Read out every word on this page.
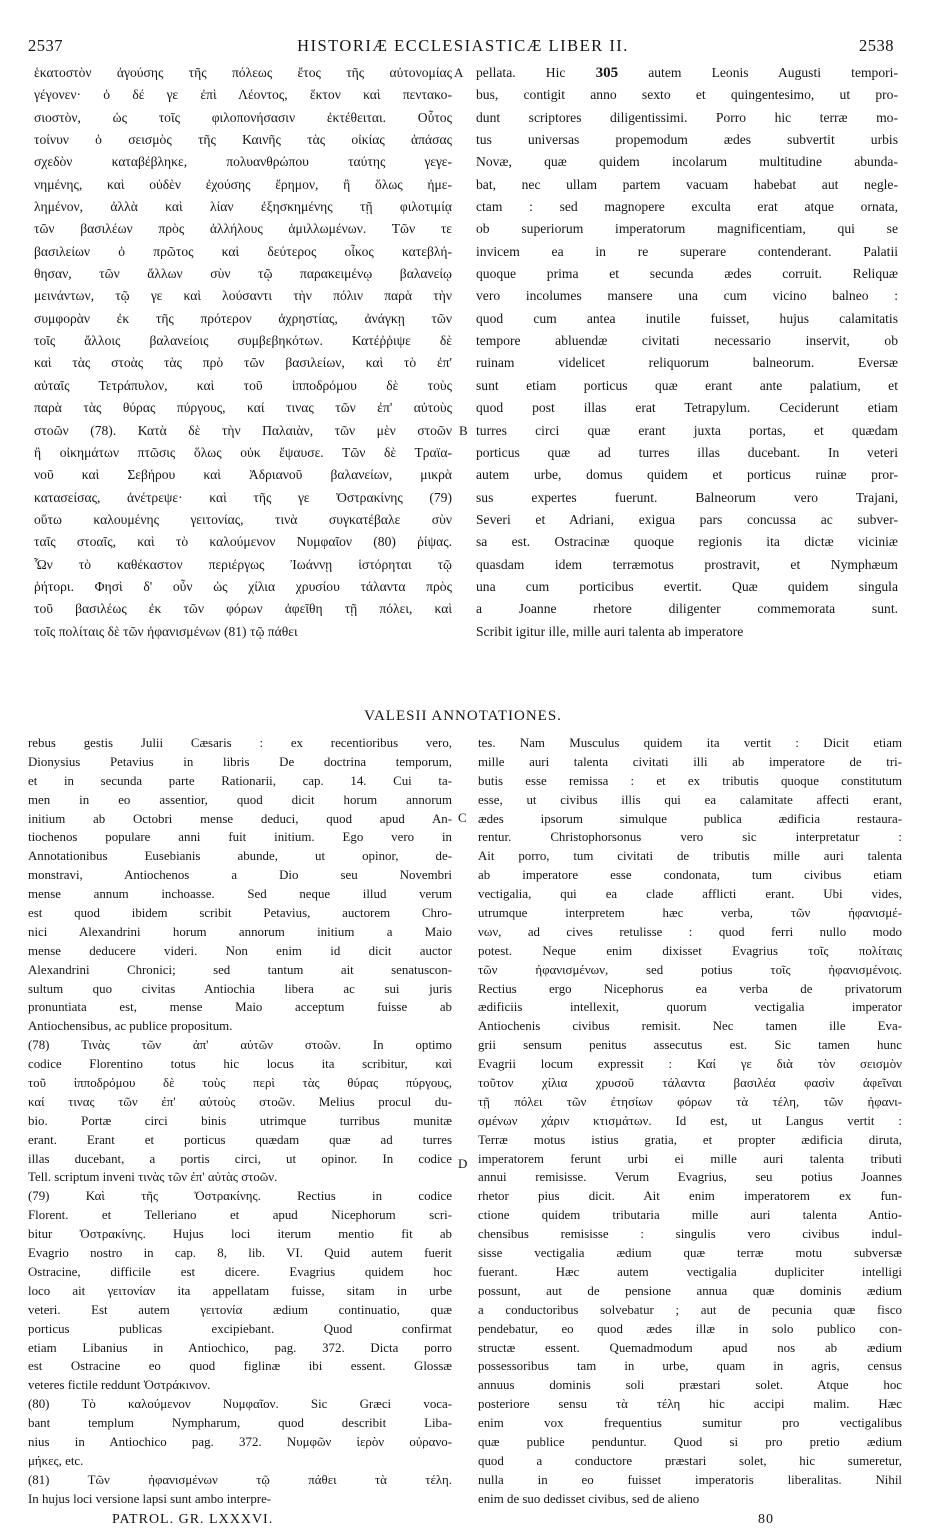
2537	HISTORIÆ ECCLESIASTICÆ LIBER II.	2538
ἑκατοστὸν ἀγούσης τῆς πόλεως ἔτος τῆς αὐτονομίας
γέγονεν· ὁ δέ γε ἐπὶ Λέοντος, ἕκτον καὶ πεντακο-
σιοστὸν, ὡς τοῖς φιλοπονήσασιν ἐκτέθειται. Οὗτος
τοίνυν ὁ σεισμὸς τῆς Καινῆς τὰς οἰκίας ἁπάσας
σχεδὸν καταβέβληκε, πολυανθρώπου ταύτης γεγε-
νημένης, καὶ οὐδὲν ἐχούσης ἔρημον, ἢ ὅλως ἠμε-
λημένον, ἀλλὰ καὶ λίαν ἐξησκημένης τῇ φιλοτιμίᾳ
τῶν βασιλέων πρὸς ἀλλήλους ἁμιλλωμένων. Τῶν τε
βασιλείων ὁ πρῶτος καὶ δεύτερος οἶκος κατεβλή-
θησαν, τῶν ἄλλων σὺν τῷ παρακειμένῳ βαλανείῳ
μεινάντων, τῷ γε καὶ λούσαντι τὴν πόλιν παρὰ τὴν
συμφορὰν ἐκ τῆς πρότερον ἀχρηστίας, ἀνάγκῃ τῶν
τοῖς ἄλλοις βαλανείοις συμβεβηκότων. Κατέῤῥιψε δὲ
καὶ τὰς στοὰς τὰς πρὸ τῶν βασιλείων, καὶ τὸ ἐπ'
αὐταῖς Τετράπυλον, καὶ τοῦ ἱπποδρόμου δὲ τοὺς
παρὰ τὰς θύρας πύργους, καί τινας τῶν ἐπ' αὐτοὺς
στοῶν (78). Κατὰ δὲ τὴν Παλαιὰν, τῶν μὲν στοῶν
ἢ οἰκημάτων πτῶσις ὅλως οὐκ ἔψαυσε. Τῶν δὲ Τραϊα-
νοῦ καὶ Σεβήρου καὶ Ἀδριανοῦ βαλανείων, μικρὰ
κατασείσας, ἀνέτρεψε· καὶ τῆς γε Ὀστρακίνης (79)
οὕτω καλουμένης γειτονίας, τινὰ συγκατέβαλε σὺν
ταῖς στοαῖς, καὶ τὸ καλούμενον Νυμφαῖον (80) ῥίψας.
Ὧν τὸ καθέκαστον περιέργως Ἰωάννῃ ἱστόρηται τῷ
ῥήτορι. Φησὶ δ' οὖν ὡς χίλια χρυσίου τάλαντα πρὸς
τοῦ βασιλέως ἐκ τῶν φόρων ἀφεῖθη τῇ πόλει, καὶ
τοῖς πολίταις δὲ τῶν ἠφανισμένων (81) τῷ πάθει
pellata. Hic 305 autem Leonis Augusti tempori-
bus, contigit anno sexto et quingentesimo, ut pro-
dunt scriptores diligentissimi. Porro hic terræ mo-
tus universas propemodum ædes subvertit urbis
Novæ, quæ quidem incolarum multitudine abunda-
bat, nec ullam partem vacuam habebat aut negle-
ctam : sed magnopere exculta erat atque ornata,
ob superiorum imperatorum magnificentiam, qui se
invicem ea in re superare contenderant. Palatii
quoque prima et secunda ædes corruit. Reliquæ
vero incolumes mansere una cum vicino balneo :
quod cum antea inutile fuisset, hujus calamitatis
tempore abluendæ civitati necessario inservit, ob
ruinam videlicet reliquorum balneorum. Eversæ
sunt etiam porticus quæ erant ante palatium, et
quod post illas erat Tetrapylum. Ceciderunt etiam
turres circi quæ erant juxta portas, et quædam
porticus quæ ad turres illas ducebant. In veteri
autem urbe, domus quidem et porticus ruinæ pror-
sus expertes fuerunt. Balneorum vero Trajani,
Severi et Adriani, exigua pars concussa ac subver-
sa est. Ostracinæ quoque regionis ita dictæ viciniæ
quasdam idem terræmotus prostravit, et Nymphæum
una cum porticibus evertit. Quæ quidem singula
a Joanne rhetore diligenter commemorata sunt.
Scribit igitur ille, mille auri talenta ab imperatore
A
B
C
D
VALESII ANNOTATIONES.
rebus gestis Julii Cæsaris : ex recentioribus vero,
Dionysius Petavius in libris De doctrina temporum,
et in secunda parte Rationarii, cap. 14. Cui ta-
men in eo assentior, quod dicit horum annorum
initium ab Octobri mense deduci, quod apud An-
tiochenos populare anni fuit initium. Ego vero in
Annotationibus Eusebianis abunde, ut opinor, de-
monstravi, Antiochenos a Dio seu Novembri
mense annum inchoasse. Sed neque illud verum
est quod ibidem scribit Petavius, auctorem Chro-
nici Alexandrini horum annorum initium a Maio
mense deducere videri. Non enim id dicit auctor
Alexandrini Chronici; sed tantum ait senatuscon-
sultum quo civitas Antiochia libera ac sui juris
pronuntiata est, mense Maio acceptum fuisse ab
Antiochensibus, ac publice propositum.
(78) Τινὰς τῶν ἀπ' αὐτῶν στοῶν. In optimo
codice Florentino totus hic locus ita scribitur, καὶ
τοῦ ἱπποδρόμου δὲ τοὺς περὶ τὰς θύρας πύργους,
καί τινας τῶν ἐπ' αὐτοὺς στοῶν. Melius procul du-
bio. Portæ circi binis utrimque turribus munitæ
erant. Erant et porticus quædam quæ ad turres
illas ducebant, a portis circi, ut opinor. In codice
Tell. scriptum inveni τινὰς τῶν ἐπ' αὐτὰς στοῶν.
(79) Καὶ τῆς Ὀστρακίνης. Rectius in codice
Florent. et Telleriano et apud Nicephorum scri-
bitur Ὀστρακίνης. Hujus loci iterum mentio fit ab
Evagrio nostro in cap. 8, lib. VI. Quid autem fuerit
Ostracine, difficile est dicere. Evagrius quidem hoc
loco ait γειτονίαν ita appellatam fuisse, sitam in urbe
veteri. Est autem γειτονία ædium continuatio, quæ
porticus publicas excipiebant. Quod confirmat
etiam Libanius in Antiochico, pag. 372. Dicta porro
est Ostracine eo quod figlinæ ibi essent. Glossæ
veteres fictile reddunt Ὀστράκινον.
(80) Τὸ καλούμενον Νυμφαῖον. Sic Græci voca-
bant templum Nympharum, quod describit Liba-
nius in Antiochico pag. 372. Νυμφῶν ἱερὸν οὐρανο-
μήκες, etc.
(81) Τῶν ἠφανισμένων τῷ πάθει τὰ τέλη.
In hujus loci versione lapsi sunt ambo interpre-
tes. Nam Musculus quidem ita vertit : Dicit etiam
mille auri talenta civitati illi ab imperatore de tri-
butis esse remissa : et ex tributis quoque constitutum
esse, ut civibus illis qui ea calamitate affecti erant,
ædes ipsorum simulque publica ædificia restaura-
rentur. Christophorsonus vero sic interpretatur :
Ait porro, tum civitati de tributis mille auri talenta
ab imperatore esse condonata, tum civibus etiam
vectigalia, qui ea clade afflicti erant. Ubi vides,
utrumque interpretem hæc verba, τῶν ἠφανισμέ-
νων, ad cives retulisse : quod ferri nullo modo
potest. Neque enim dixisset Evagrius τοῖς πολίταις
τῶν ἠφανισμένων, sed potius τοῖς ἠφανισμένοις.
Rectius ergo Nicephorus ea verba de privatorum
ædificiis intellexit, quorum vectigalia imperator
Antiochenis civibus remisit. Nec tamen ille Eva-
grii sensum penitus assecutus est. Sic tamen hunc
Evagrii locum expressit : Καί γε διὰ τὸν σεισμὸν
τοῦτον χίλια χρυσοῦ τάλαντα βασιλέα φασὶν ἀφεῖναι
τῇ πόλει τῶν ἐτησίων φόρων τὰ τέλη, τῶν ἠφανι-
σμένων χάριν κτισμάτων. Id est, ut Langus vertit :
Terræ motus istius gratia, et propter ædificia diruta,
imperatorem ferunt urbi ei mille auri talenta tributi
annui remisisse. Verum Evagrius, seu potius Joannes
rhetor pius dicit. Ait enim imperatorem ex fun-
ctione quidem tributaria mille auri talenta Antio-
chensibus remisisse : singulis vero civibus indul-
sisse vectigalia ædium quæ terræ motu subversæ
fuerant. Hæc autem vectigalia dupliciter intelligi
possunt, aut de pensione annua quæ dominis ædium
a conductoribus solvebatur ; aut de pecunia quæ fisco
pendebatur, eo quod ædes illæ in solo publico con-
structæ essent. Quemadmodum apud nos ab ædium
possessoribus tam in urbe, quam in agris, census
annuus dominis soli præstari solet. Atque hoc
posteriore sensu τὰ τέλη hic accipi malim. Hæc
enim vox frequentius sumitur pro vectigalibus
quæ publice penduntur. Quod si pro pretio ædium
quod a conductore præstari solet, hic sumeretur,
nulla in eo fuisset imperatoris liberalitas. Nihil
enim de suo dedisset civibus, sed de alieno
PATROL. GR. LXXXVI.	80
